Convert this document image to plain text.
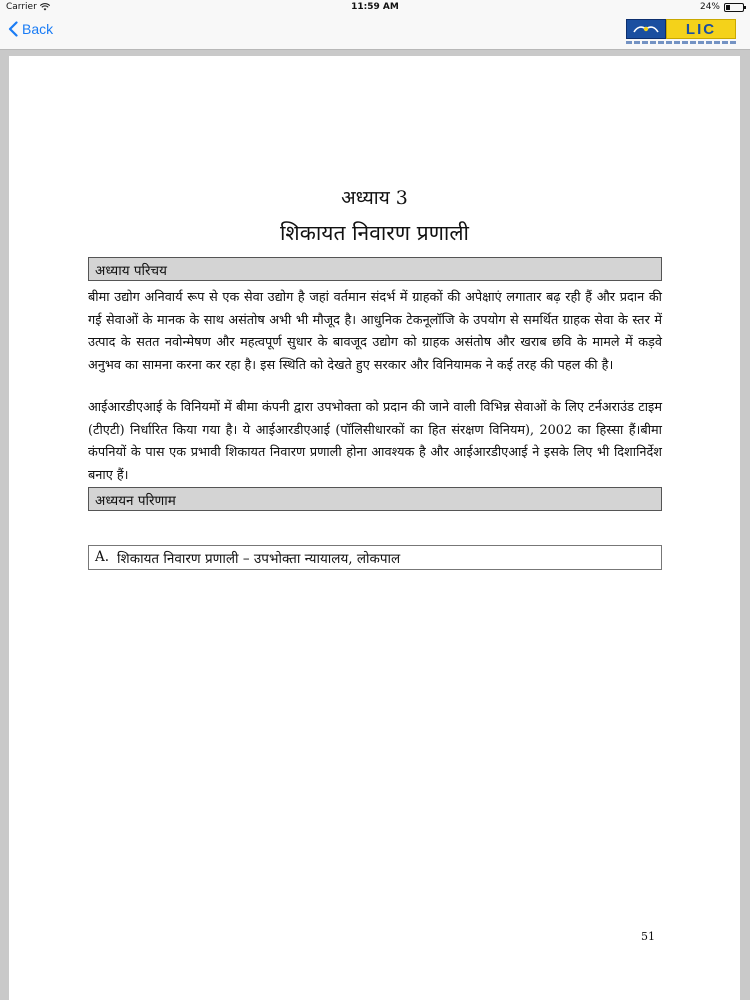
Carrier	11:59 AM	24%
Back	LIC
अध्याय 3
शिकायत निवारण प्रणाली
अध्याय परिचय

बीमा उद्योग अनिवार्य रूप से एक सेवा उद्योग है जहां वर्तमान संदर्भ में ग्राहकों की अपेक्षाएं लगातार बढ़ रही हैं और प्रदान की गई सेवाओं के मानक के साथ असंतोष अभी भी मौजूद है। आधुनिक टेकनूलॉजि के उपयोग से समर्थित ग्राहक सेवा के स्तर में उत्पाद के सतत नवोन्मेषण और महत्वपूर्ण सुधार के बावजूद उद्योग को ग्राहक असंतोष और खराब छवि के मामले में कड़वे अनुभव का सामना करना कर रहा है। इस स्थिति को देखते हुए सरकार और विनियामक ने कई तरह की पहल की है।

आईआरडीएआई के विनियमों में बीमा कंपनी द्वारा उपभोक्ता को प्रदान की जाने वाली विभिन्न सेवाओं के लिए टर्नअराउंड टाइम (टीएटी) निर्धारित किया गया है। ये आईआरडीएआई (पॉलिसीधारकों का हित संरक्षण विनियम), 2002 का हिस्सा हैं।बीमा कंपनियों के पास एक प्रभावी शिकायत निवारण प्रणाली होना आवश्यक है और आईआरडीएआई ने इसके लिए भी दिशानिर्देश बनाए हैं।

अध्ययन परिणाम
A. शिकायत निवारण प्रणाली – उपभोक्ता न्यायालय, लोकपाल
51
